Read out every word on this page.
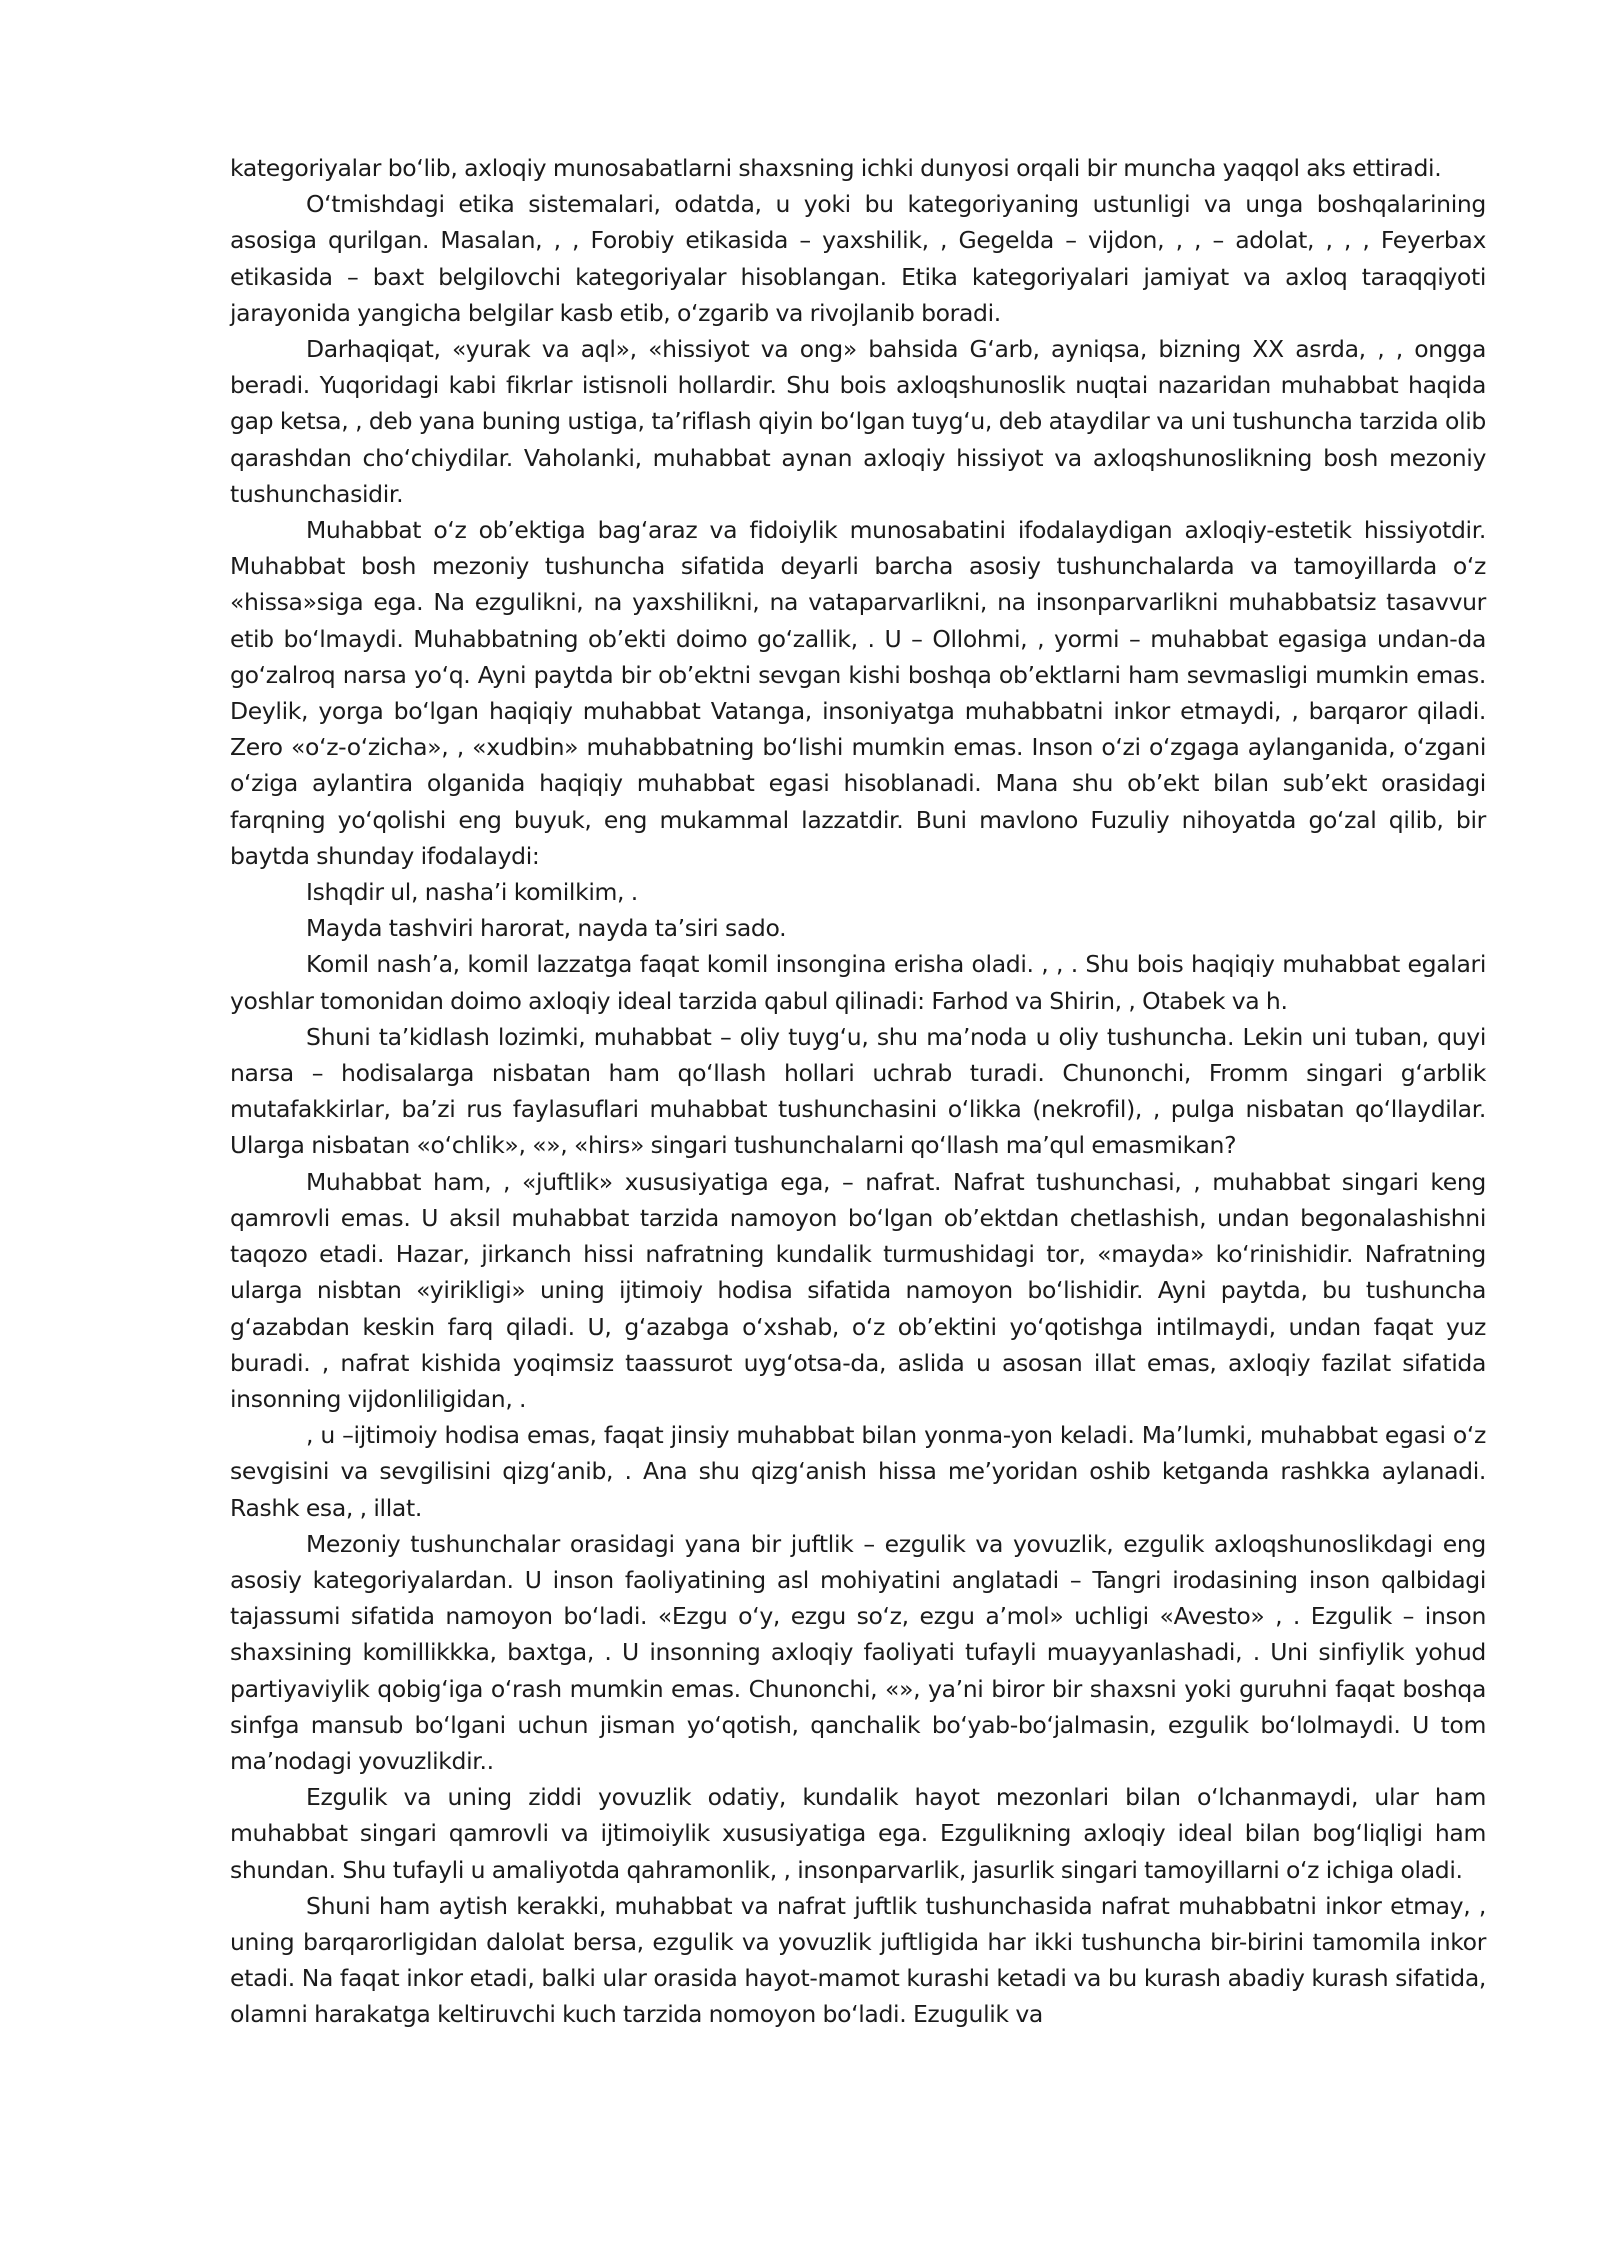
kategoriyalar bo‘lib, axloqiy munosabatlarni shaxsning ichki dunyosi orqali bir muncha yaqqol aks ettiradi.

O‘tmishdagi etika sistemalari, odatda, u yoki bu kategoriyaning ustunligi va unga boshqalarining asosiga qurilgan. Masalan, , , Forobiy etikasida – yaxshilik, , Gegelda – vijdon, , , – adolat, , , , Feyerbax etikasida – baxt belgilovchi kategoriyalar hisoblangan. Etika kategoriyalari jamiyat va axloq taraqqiyoti jarayonida yangicha belgilar kasb etib, o‘zgarib va rivojlanib boradi.

Darhaqiqat, «yurak va aql», «hissiyot va ong» bahsida G‘arb, ayniqsa, bizning XX asrda, , , ongga beradi. Yuqoridagi kabi fikrlar istisnoli hollardir. Shu bois axloqshunoslik nuqtai nazaridan muhabbat haqida gap ketsa, , deb yana buning ustiga, ta’riflash qiyin bo‘lgan tuyg‘u, deb ataydilar va uni tushuncha tarzida olib qarashdan cho‘chiydilar. Vaholanki, muhabbat aynan axloqiy hissiyot va axloqshunoslikning bosh mezoniy tushunchasidir.

Muhabbat o‘z ob’ektiga bag‘araz va fidoiylik munosabatini ifodalaydigan axloqiy-estetik hissiyotdir. Muhabbat bosh mezoniy tushuncha sifatida deyarli barcha asosiy tushunchalarda va tamoyillarda o‘z «hissa»siga ega. Na ezgulikni, na yaxshilikni, na vataparvarlikni, na insonparvarlikni muhabbatsiz tasavvur etib bo‘lmaydi. Muhabbatning ob’ekti doimo go‘zallik, . U – Ollohmi, , yormi – muhabbat egasiga undan-da go‘zalroq narsa yo‘q. Ayni paytda bir ob’ektni sevgan kishi boshqa ob’ektlarni ham sevmasligi mumkin emas. Deylik, yorga bo‘lgan haqiqiy muhabbat Vatanga, insoniyatga muhabbatni inkor etmaydi, , barqaror qiladi. Zero «o‘z-o‘zicha», , «xudbin» muhabbatning bo‘lishi mumkin emas. Inson o‘zi o‘zgaga aylanganida, o‘zgani o‘ziga aylantira olganida haqiqiy muhabbat egasi hisoblanadi. Mana shu ob’ekt bilan sub’ekt orasidagi farqning yo‘qolishi eng buyuk, eng mukammal lazzatdir. Buni mavlono Fuzuliy nihoyatda go‘zal qilib, bir baytda shunday ifodalaydi:

Ishqdir ul, nasha’i komilkim, .

Mayda tashviri harorat, nayda ta’siri sado.

Komil nash’a, komil lazzatga faqat komil insongina erisha oladi. , , . Shu bois haqiqiy muhabbat egalari yoshlar tomonidan doimo axloqiy ideal tarzida qabul qilinadi: Farhod va Shirin, , Otabek va h.

Shuni ta’kidlash lozimki, muhabbat – oliy tuyg‘u, shu ma’noda u oliy tushuncha. Lekin uni tuban, quyi narsa – hodisalarga nisbatan ham qo‘llash hollari uchrab turadi. Chunonchi, Fromm singari g‘arblik mutafakkirlar, ba’zi rus faylasuflari muhabbat tushunchasini o‘likka (nekrofil), , pulga nisbatan qo‘llaydilar. Ularga nisbatan «o‘chlik», «», «hirs» singari tushunchalarni qo‘llash ma’qul emasmikan?

Muhabbat ham, , «juftlik» xususiyatiga ega, – nafrat. Nafrat tushunchasi, , muhabbat singari keng qamrovli emas. U aksil muhabbat tarzida namoyon bo‘lgan ob’ektdan chetlashish, undan begonalashishni taqozo etadi. Hazar, jirkanch hissi nafratning kundalik turmushidagi tor, «mayda» ko‘rinishidir. Nafratning ularga nisbtan «yirikligi» uning ijtimoiy hodisa sifatida namoyon bo‘lishidir. Ayni paytda, bu tushuncha g‘azabdan keskin farq qiladi. U, g‘azabga o‘xshab, o‘z ob’ektini yo‘qotishga intilmaydi, undan faqat yuz buradi. , nafrat kishida yoqimsiz taassurot uyg‘otsa-da, aslida u asosan illat emas, axloqiy fazilat sifatida insonning vijdonliligidan, .

, u –ijtimoiy hodisa emas, faqat jinsiy muhabbat bilan yonma-yon keladi. Ma’lumki, muhabbat egasi o‘z sevgisini va sevgilisini qizg‘anib, . Ana shu qizg‘anish hissa me’yoridan oshib ketganda rashkka aylanadi. Rashk esa, , illat.

Mezoniy tushunchalar orasidagi yana bir juftlik – ezgulik va yovuzlik, ezgulik axloqshunoslikdagi eng asosiy kategoriyalardan. U inson faoliyatining asl mohiyatini anglatadi – Tangri irodasining inson qalbidagi tajassumi sifatida namoyon bo‘ladi. «Ezgu o‘y, ezgu so‘z, ezgu a’mol» uchligi «Avesto» , . Ezgulik – inson shaxsining komillikkka, baxtga, . U insonning axloqiy faoliyati tufayli muayyanlashadi, . Uni sinfiylik yohud partiyaviylik qobig‘iga o‘rash mumkin emas. Chunonchi, «», ya’ni biror bir shaxsni yoki guruhni faqat boshqa sinfga mansub bo‘lgani uchun jisman yo‘qotish, qanchalik bo‘yab-bo‘jalmasin, ezgulik bo‘lolmaydi. U tom ma’nodagi yovuzlikdir..

Ezgulik va uning ziddi yovuzlik odatiy, kundalik hayot mezonlari bilan o‘lchanmaydi, ular ham muhabbat singari qamrovli va ijtimoiylik xususiyatiga ega. Ezgulikning axloqiy ideal bilan bog‘liqligi ham shundan. Shu tufayli u amaliyotda qahramonlik, , insonparvarlik, jasurlik singari tamoyillarni o‘z ichiga oladi.

Shuni ham aytish kerakki, muhabbat va nafrat juftlik tushunchasida nafrat muhabbatni inkor etmay, , uning barqarorligidan dalolat bersa, ezgulik va yovuzlik juftligida har ikki tushuncha bir-birini tamomila inkor etadi. Na faqat inkor etadi, balki ular orasida hayot-mamot kurashi ketadi va bu kurash abadiy kurash sifatida, olamni harakatga keltiruvchi kuch tarzida nomoyon bo‘ladi. Ezugulik va
